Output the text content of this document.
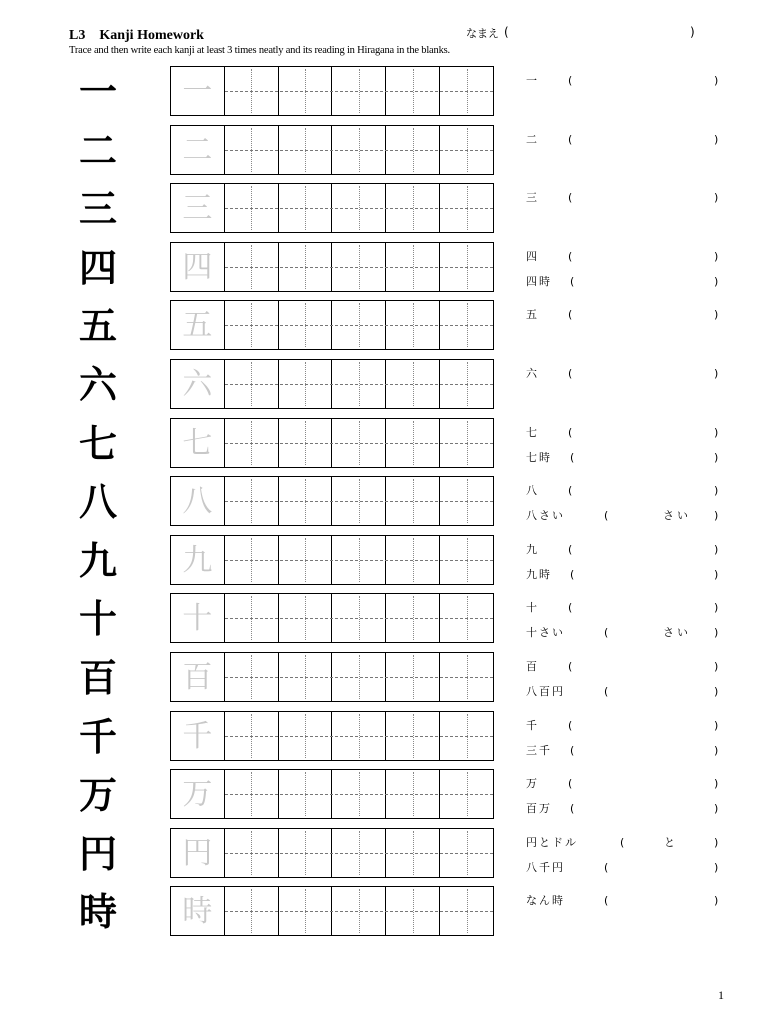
L3    Kanji Homework	なまえ (	)
Trace and then write each kanji at least 3 times neatly and its reading in Hiragana in the blanks.
一	一	一	(	)
二	二	二	(	)
三	三	三	(	)
四	四	四	(	)
四時 (	)
五	五	五	(	)
六	六	六	(	)
七	七	七	(	)
七時 (	)
八	八	八	(	)
八さい	(	さい )
九	九	九	(	)
九時 (	)
十	十	十	(	)
十さい	(	さい )
百	百	百	(	)
八百円	(	)
千	千	千	(	)
三千 (	)
万	万	万	(	)
百万 (	)
円	円	円とドル	(	と	)
八千円	(	)
時	時	なん時	(	)
1
